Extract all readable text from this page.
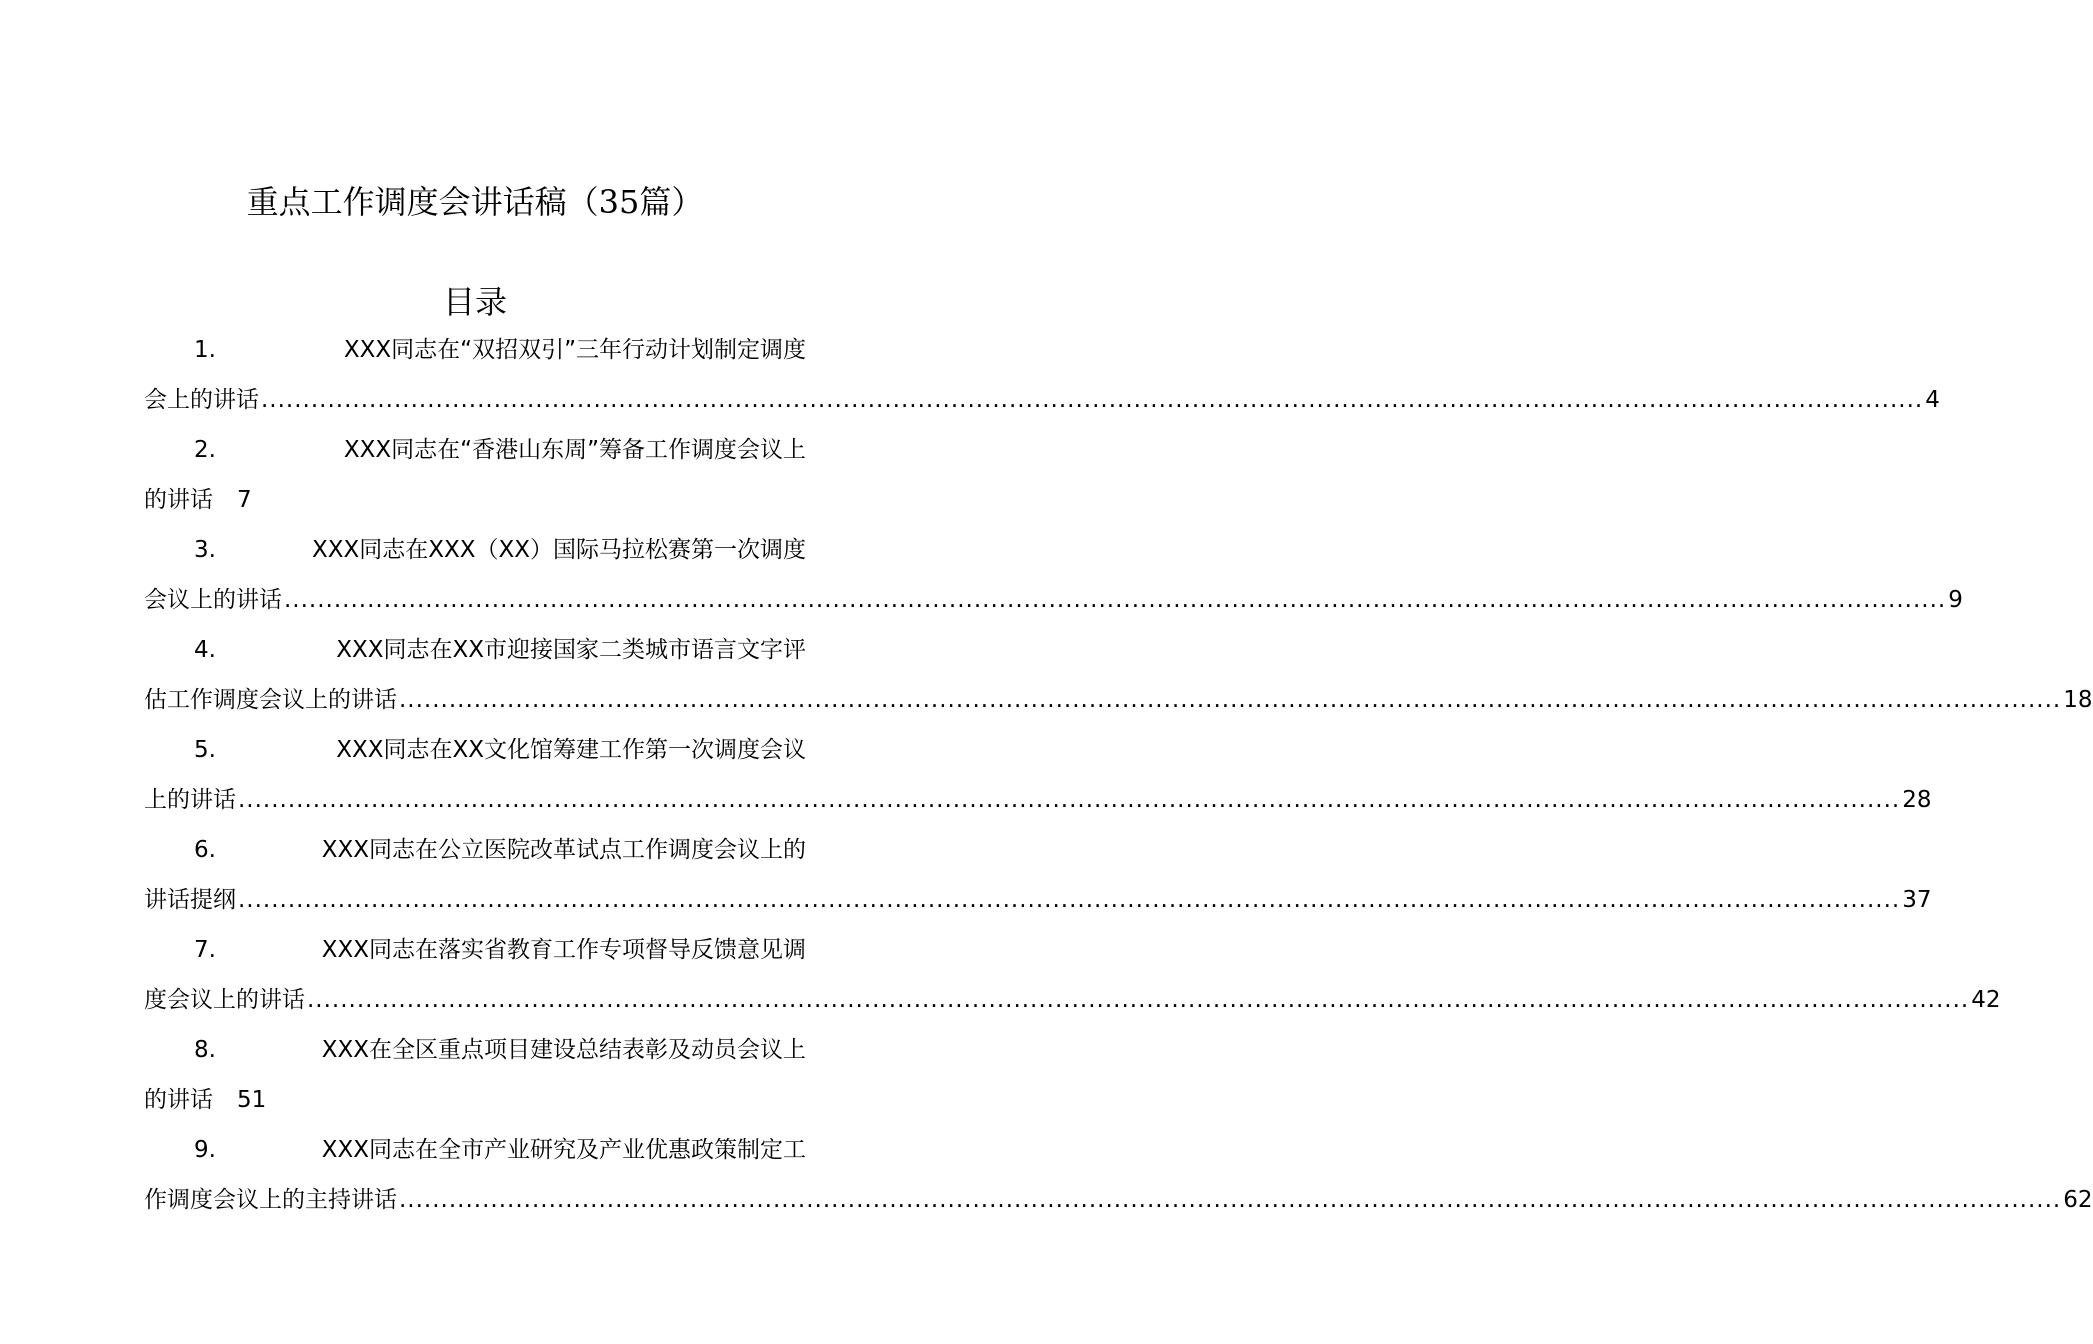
重点工作调度会讲话稿（35篇）
目录
1.	XXX同志在“双招双引”三年行动计划制定调度
会上的讲话 ........................................................................................................................................................................................................ 4
2.	XXX同志在“香港山东周”筹备工作调度会议上
的讲话 7
3.	XXX同志在XXX（XX）国际马拉松赛第一次调度
会议上的讲话 ........................................................................................................................................................................................................ 9
4.	XXX同志在XX市迎接国家二类城市语言文字评
估工作调度会议上的讲话 ........................................................................................................................................................................................................ 18
5.	XXX同志在XX文化馆筹建工作第一次调度会议
上的讲话 ........................................................................................................................................................................................................ 28
6.	XXX同志在公立医院改革试点工作调度会议上的
讲话提纲 ........................................................................................................................................................................................................ 37
7.	XXX同志在落实省教育工作专项督导反馈意见调
度会议上的讲话 ........................................................................................................................................................................................................ 42
8.	XXX在全区重点项目建设总结表彰及动员会议上
的讲话 51
9.	XXX同志在全市产业研究及产业优惠政策制定工
作调度会议上的主持讲话 ........................................................................................................................................................................................................ 62
